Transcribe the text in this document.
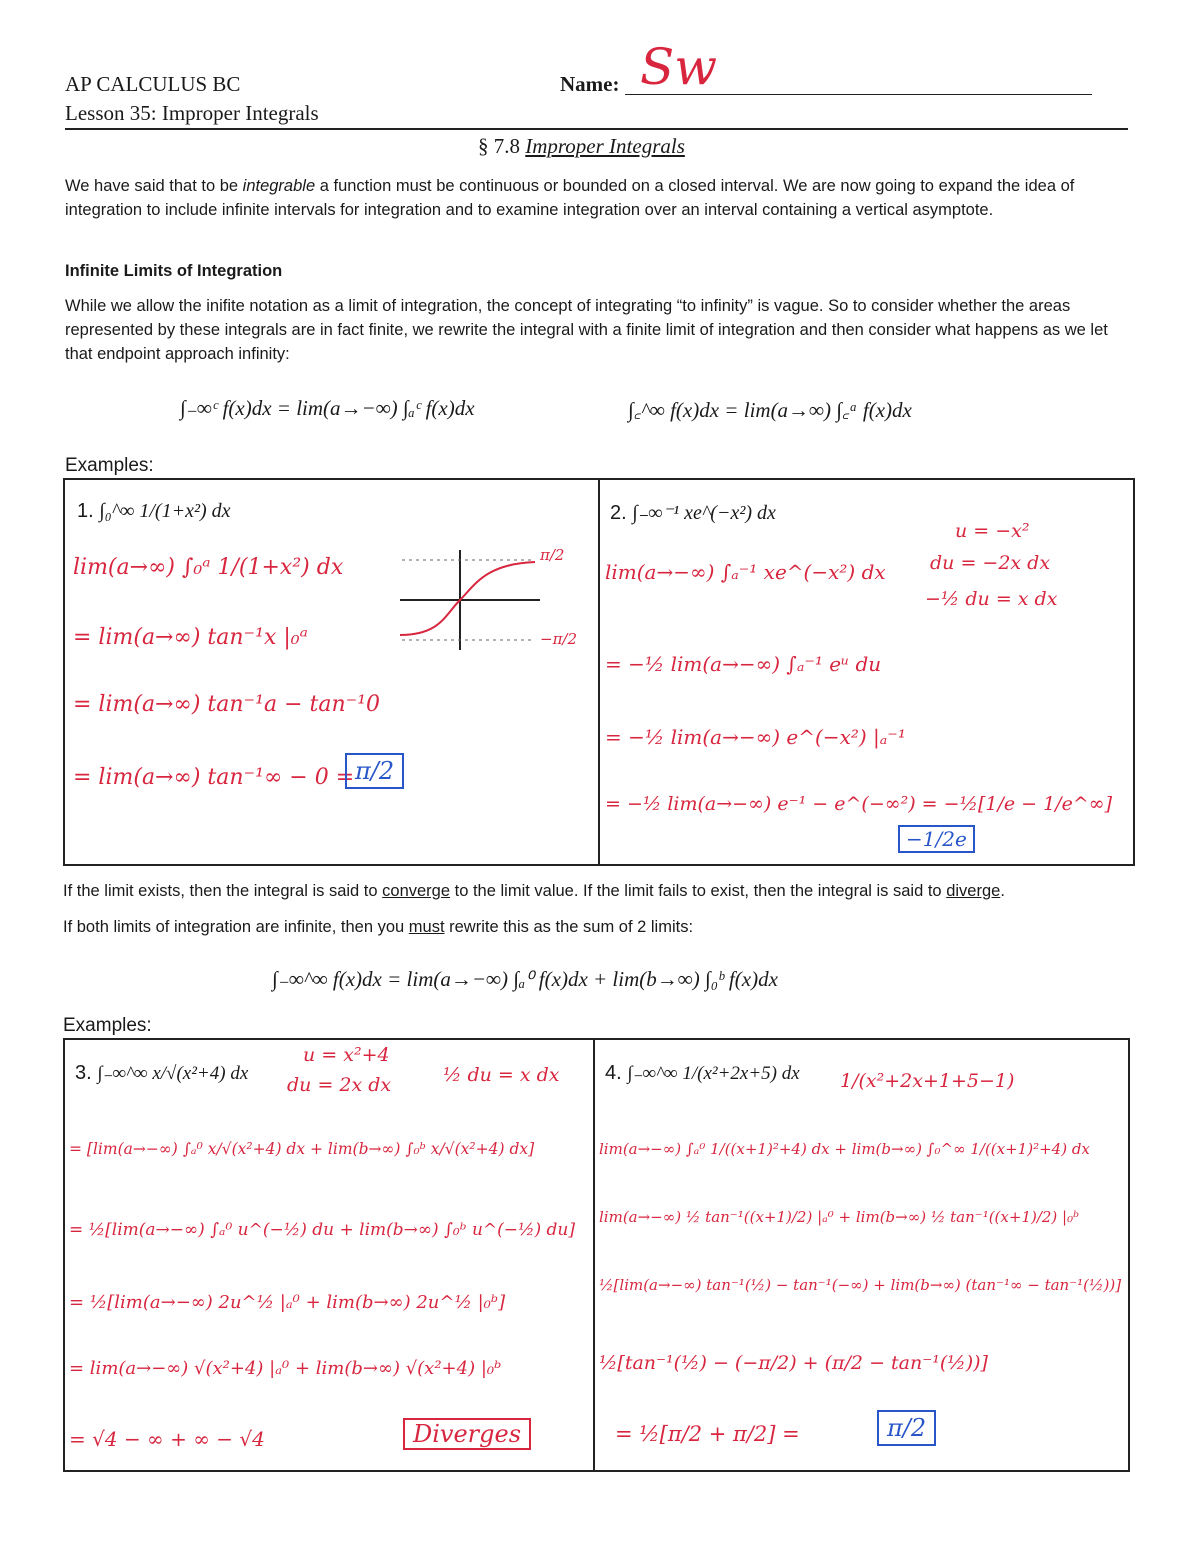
AP CALCULUS BC
Lesson 35: Improper Integrals
Name: Sw
§ 7.8 Improper Integrals
We have said that to be integrable a function must be continuous or bounded on a closed interval. We are now going to expand the idea of integration to include infinite intervals for integration and to examine integration over an interval containing a vertical asymptote.
Infinite Limits of Integration
While we allow the inifite notation as a limit of integration, the concept of integrating “to infinity” is vague. So to consider whether the areas represented by these integrals are in fact finite, we rewrite the integral with a finite limit of integration and then consider what happens as we let that endpoint approach infinity:
∫₋∞ᶜ f(x)dx = lim(a→−∞) ∫ₐᶜ f(x)dx	∫꜀^∞ f(x)dx = lim(a→∞) ∫꜀ᵃ f(x)dx
Examples:
1. ∫₀^∞ 1/(1+x²) dx
lim(a→∞) ∫₀ᵃ 1/(1+x²) dx
= lim(a→∞) tan⁻¹x |₀ᵃ
= lim(a→∞) tan⁻¹a − tan⁻¹0
= lim(a→∞) tan⁻¹∞ − 0 = π/2
π/2
−π/2
2. ∫₋∞⁻¹ xe^(−x²) dx
u = −x²
du = −2x dx
−½ du = x dx
lim(a→−∞) ∫ₐ⁻¹ xe^(−x²) dx
= −½ lim(a→−∞) ∫ₐ⁻¹ eᵘ du
= −½ lim(a→−∞) e^(−x²) |ₐ⁻¹
= −½ lim(a→−∞) e⁻¹ − e^(−∞²) = −½[1/e − 1/e^∞]
−1/2e
If the limit exists, then the integral is said to converge to the limit value. If the limit fails to exist, then the integral is said to diverge.
If both limits of integration are infinite, then you must rewrite this as the sum of 2 limits:
∫₋∞^∞ f(x)dx = lim(a→−∞) ∫ₐ⁰ f(x)dx + lim(b→∞) ∫₀ᵇ f(x)dx
Examples:
3. ∫₋∞^∞ x/√(x²+4) dx
u = x²+4
du = 2x dx	½ du = x dx
= [lim(a→−∞) ∫ₐ⁰ x/√(x²+4) dx + lim(b→∞) ∫₀ᵇ x/√(x²+4) dx]
= ½[lim(a→−∞) ∫ₐ⁰ u^(−½) du + lim(b→∞) ∫₀ᵇ u^(−½) du]
= ½[lim(a→−∞) 2u^½ |ₐ⁰ + lim(b→∞) 2u^½ |₀ᵇ]
= lim(a→−∞) √(x²+4) |ₐ⁰ + lim(b→∞) √(x²+4) |₀ᵇ
= √4 − ∞ + ∞ − √4	Diverges
4. ∫₋∞^∞ 1/(x²+2x+5) dx 1/(x²+2x+1+5−1)
lim(a→−∞) ∫ₐ⁰ 1/((x+1)²+4) dx + lim(b→∞) ∫₀^∞ 1/((x+1)²+4) dx
lim(a→−∞) ½ tan⁻¹((x+1)/2) |ₐ⁰ + lim(b→∞) ½ tan⁻¹((x+1)/2) |₀ᵇ
½[lim(a→−∞) tan⁻¹(½) − tan⁻¹(−∞) + lim(b→∞) (tan⁻¹∞ − tan⁻¹(½))]
½[tan⁻¹(½) − (−π/2) + (π/2 − tan⁻¹(½))]
= ½[π/2 + π/2] =	π/2
